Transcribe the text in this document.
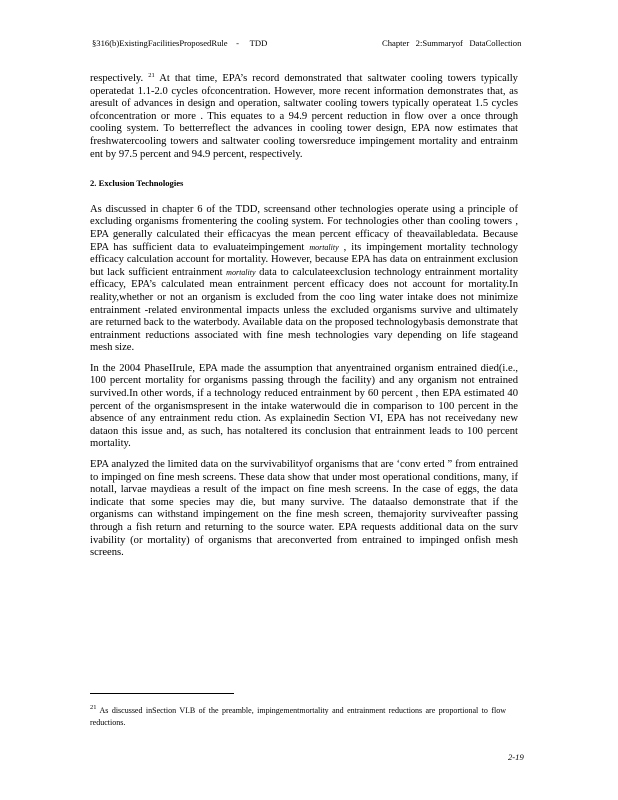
§316(b)ExistingFacilitiesProposedRule    -     TDD	Chapter   2:Summaryof   DataCollection

respectively. $^{21}$ At that time, EPA’s record demonstrated that saltwater cooling towers typically operatedat 1.1-2.0 cycles ofconcentration. However, more recent information demonstrates that, as aresult of advances in design and operation, saltwater cooling towers typically operateat 1.5 cycles ofconcentration or more . This equates to a 94.9 percent reduction in flow over a once through cooling system. To betterreflect the advances in cooling tower design, EPA now estimates that freshwatercooling towers and saltwater cooling towersreduce impingement mortality and entrainm ent by 97.5 percent and 94.9 percent, respectively.

2. Exclusion Technologies

As discussed in chapter 6 of the TDD, screensand other technologies operate using a principle of excluding organisms fromentering the cooling system. For technologies other than cooling towers , EPA generally calculated their efficacyas the mean percent efficacy of theavailabledata. Because EPA has sufficient data to evaluateimpingement mortality , its impingement mortality technology efficacy calculation account for mortality. However, because EPA has data on entrainment exclusion but lack sufficient entrainment mortality data to calculateexclusion technology entrainment mortality efficacy, EPA’s calculated mean entrainment percent efficacy does not account for mortality.In reality,whether or not an organism is excluded from the coo ling water intake does not minimize entrainment -related environmental impacts unless the excluded organisms survive and ultimately are returned back to the waterbody. Available data on the proposed technologybasis demonstrate that entrainment reductions associated with fine mesh technologies vary depending on life stageand mesh size.

In the 2004 PhaseIIrule, EPA made the assumption that anyentrained organism entrained died(i.e., 100 percent mortality for organisms passing through the facility) and any organism not entrained survived.In other words, if a technology reduced entrainment by 60 percent , then EPA estimated 40 percent of the organismspresent in the intake waterwould die in comparison to 100 percent in the absence of any entrainment redu ction. As explainedin Section VI, EPA has not receivedany new dataon this issue and, as such, has notaltered its conclusion that entrainment leads to 100 percent mortality.

EPA analyzed the limited data on the survivabilityof organisms that are ‘conv erted ” from entrained to impinged on fine mesh screens. These data show that under most operational conditions, many, if notall, larvae maydieas a result of the impact on fine mesh screens. In the case of eggs, the data indicate that some species may die, but many survive. The dataalso demonstrate that if the organisms can withstand impingement on the fine mesh screen, themajority surviveafter passing through a fish return and returning to the source water. EPA requests additional data on the surv ivability (or mortality) of organisms that areconverted from entrained to impinged onfish mesh screens.

$^{21}$ As discussed inSection VI.B of the preamble, impingementmortality and entrainment reductions are proportional to flow reductions.
2-19
